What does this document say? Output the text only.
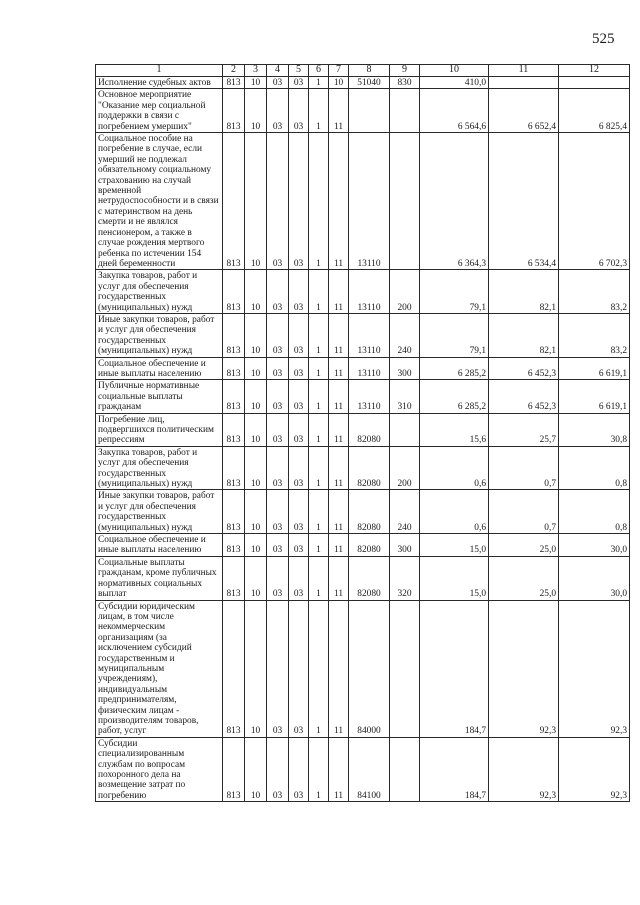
525
1	2	3	4	5	6	7	8	9	10	11	12
Исполнение судебных актов	813	10	03	03	1	10	51040	830	410,0		
Основное мероприятие "Оказание мер социальной поддержки в связи с погребением умерших"	813	10	03	03	1	11			6 564,6	6 652,4	6 825,4
Социальное пособие на погребение в случае, если умерший не подлежал обязательному социальному страхованию на случай временной нетрудоспособности и в связи с материнством на день смерти и не являлся пенсионером, а также в случае рождения мертвого ребенка по истечении 154 дней беременности	813	10	03	03	1	11	13110		6 364,3	6 534,4	6 702,3
Закупка товаров, работ и услуг для обеспечения государственных (муниципальных) нужд	813	10	03	03	1	11	13110	200	79,1	82,1	83,2
Иные закупки товаров, работ и услуг для обеспечения государственных (муниципальных) нужд	813	10	03	03	1	11	13110	240	79,1	82,1	83,2
Социальное обеспечение и иные выплаты населению	813	10	03	03	1	11	13110	300	6 285,2	6 452,3	6 619,1
Публичные нормативные социальные выплаты гражданам	813	10	03	03	1	11	13110	310	6 285,2	6 452,3	6 619,1
Погребение лиц, подвергшихся политическим репрессиям	813	10	03	03	1	11	82080		15,6	25,7	30,8
Закупка товаров, работ и услуг для обеспечения государственных (муниципальных) нужд	813	10	03	03	1	11	82080	200	0,6	0,7	0,8
Иные закупки товаров, работ и услуг для обеспечения государственных (муниципальных) нужд	813	10	03	03	1	11	82080	240	0,6	0,7	0,8
Социальное обеспечение и иные выплаты населению	813	10	03	03	1	11	82080	300	15,0	25,0	30,0
Социальные выплаты гражданам, кроме публичных нормативных социальных выплат	813	10	03	03	1	11	82080	320	15,0	25,0	30,0
Субсидии юридическим лицам, в том числе некоммерческим организациям (за исключением субсидий государственным и муниципальным учреждениям), индивидуальным предпринимателям, физическим лицам - производителям товаров, работ, услуг	813	10	03	03	1	11	84000		184,7	92,3	92,3
Субсидии специализированным службам по вопросам похоронного дела на возмещение затрат по погребению	813	10	03	03	1	11	84100		184,7	92,3	92,3
